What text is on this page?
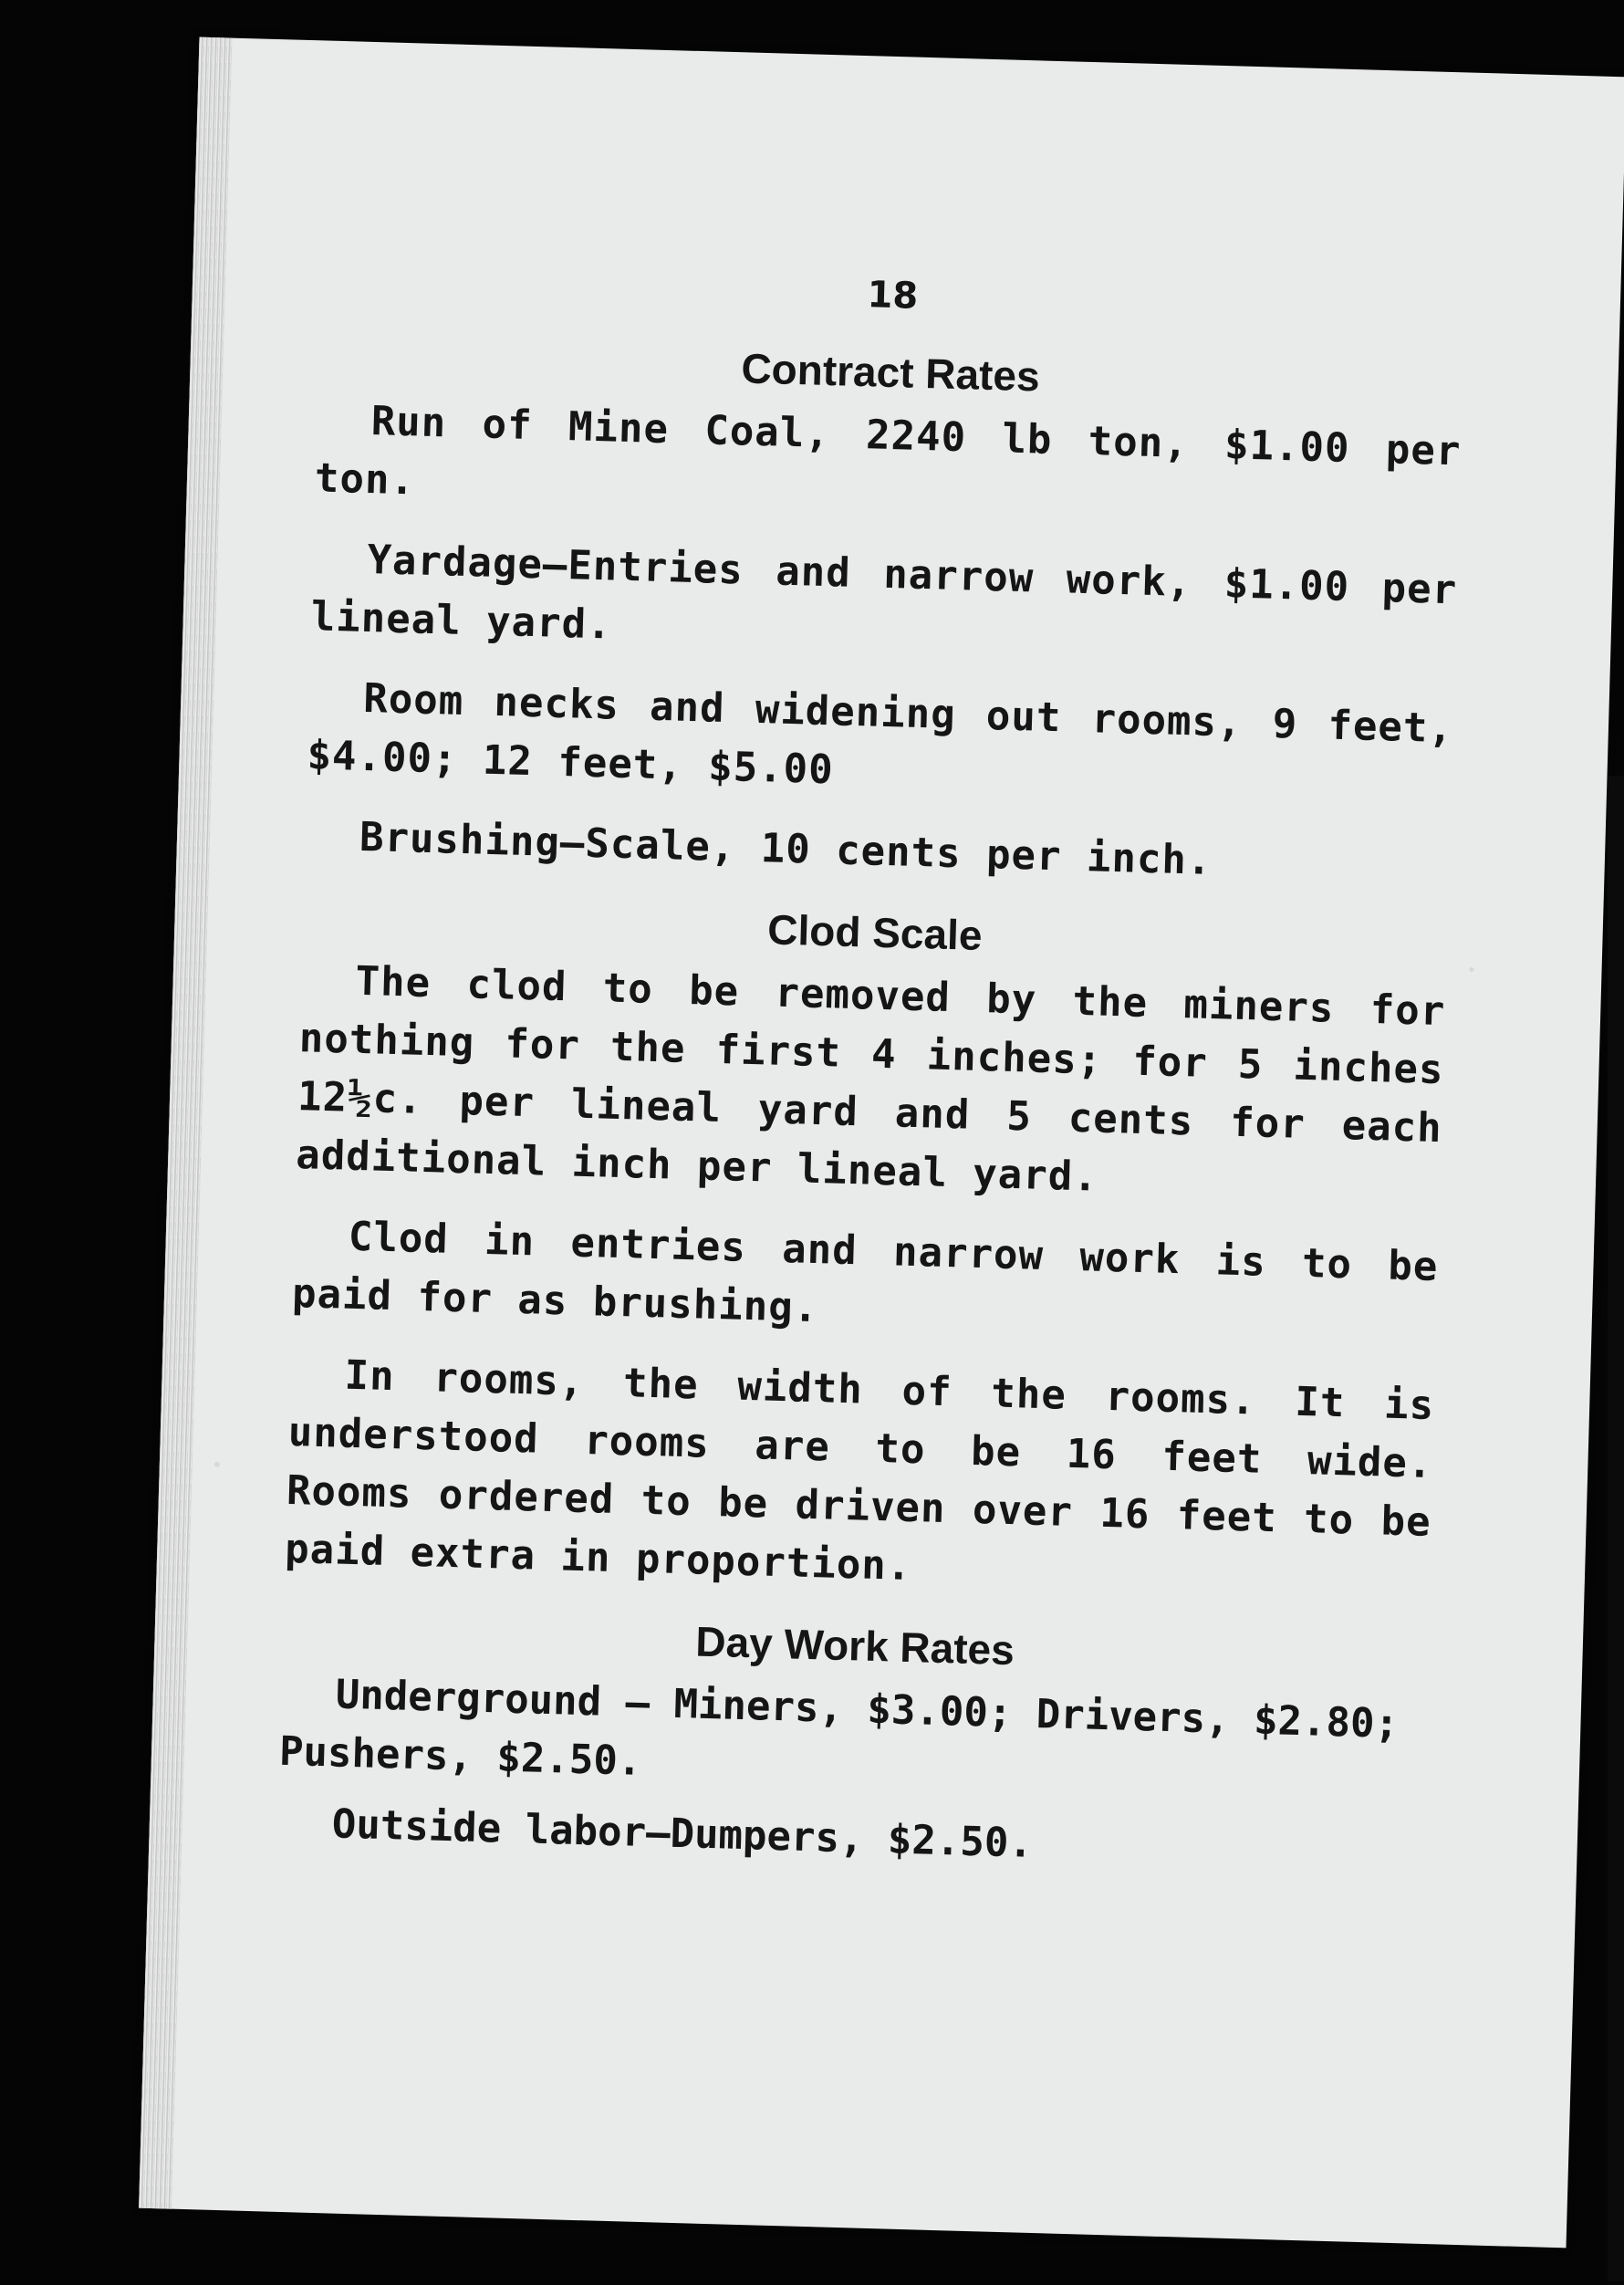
18
Contract Rates

Run of Mine Coal, 2240 lb ton, $1.00 per ton.

Yardage—Entries and narrow work, $1.00 per lineal yard.

Room necks and widening out rooms, 9 feet, $4.00; 12 feet, $5.00

Brushing—Scale, 10 cents per inch.

Clod Scale

The clod to be removed by the miners for nothing for the first 4 inches; for 5 inches 12½c. per lineal yard and 5 cents for each additional inch per lineal yard.

Clod in entries and narrow work is to be paid for as brushing.

In rooms, the width of the rooms. It is understood rooms are to be 16 feet wide. Rooms ordered to be driven over 16 feet to be paid extra in proportion.

Day Work Rates

Underground — Miners, $3.00; Drivers, $2.80; Pushers, $2.50.

Outside labor—Dumpers, $2.50.
